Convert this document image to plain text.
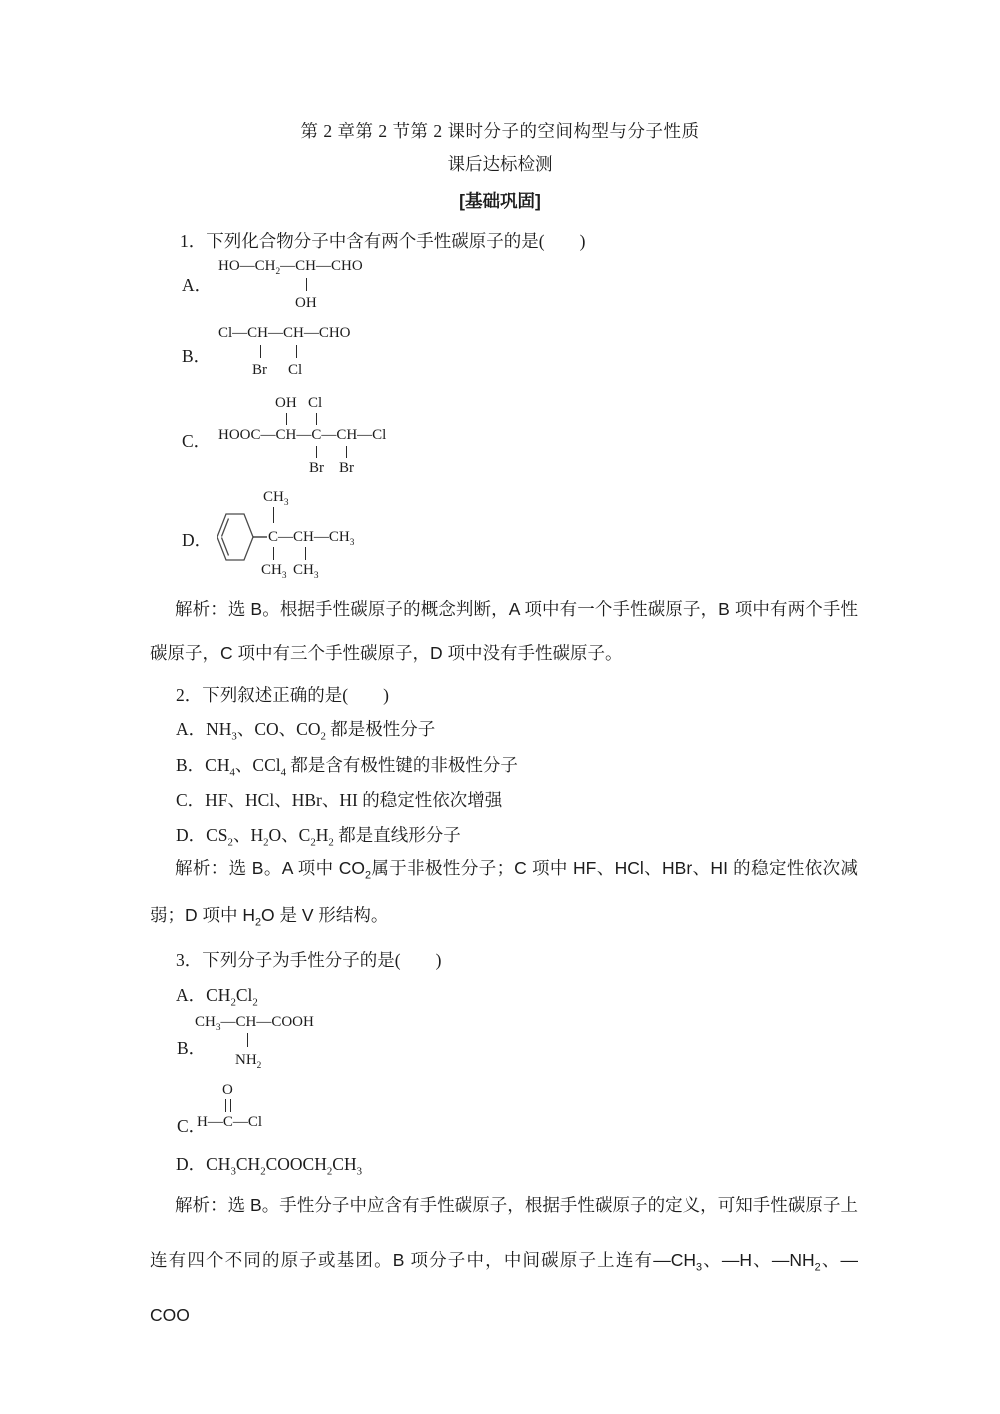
第 2 章第 2 节第 2 课时分子的空间构型与分子性质
课后达标检测
[基础巩固]
1．下列化合物分子中含有两个手性碳原子的是(　　)
A．
$HO—CH_2—CH—CHO$
OH
B．
Cl—CH—CH—CHO
Br Cl
C．
OH Cl
HOOC—CH—C—CH—Cl
Br Br
D．
$CH_3$
$C—CH—CH_3$
$CH_3$ $CH_3$
解析：选 B。根据手性碳原子的概念判断，A 项中有一个手性碳原子，B 项中有两个手性碳原子，C 项中有三个手性碳原子，D 项中没有手性碳原子。
2．下列叙述正确的是(　　)
A．$NH_3$、CO、$CO_2$ 都是极性分子
B．$CH_4$、CCl$_4$ 都是含有极性键的非极性分子
C．HF、HCl、HBr、HI 的稳定性依次增强
D．$CS_2$、$H_2O$、$C_2H_2$ 都是直线形分子
解析：选 B。A 项中 $CO_2$属于非极性分子；C 项中 HF、HCl、HBr、HI 的稳定性依次减弱；D 项中 $H_2O$ 是 V 形结构。
3．下列分子为手性分子的是(　　)
A．$CH_2Cl_2$
B．
$CH_3—CH—COOH$
$NH_2$
C．
O
H—C—Cl
D．$CH_3CH_2COOCH_2CH_3$
解析：选 B。手性分子中应含有手性碳原子，根据手性碳原子的定义，可知手性碳原子上连有四个不同的原子或基团。B 项分子中，中间碳原子上连有$—CH_3$、—H、$—NH_2$、—COO
